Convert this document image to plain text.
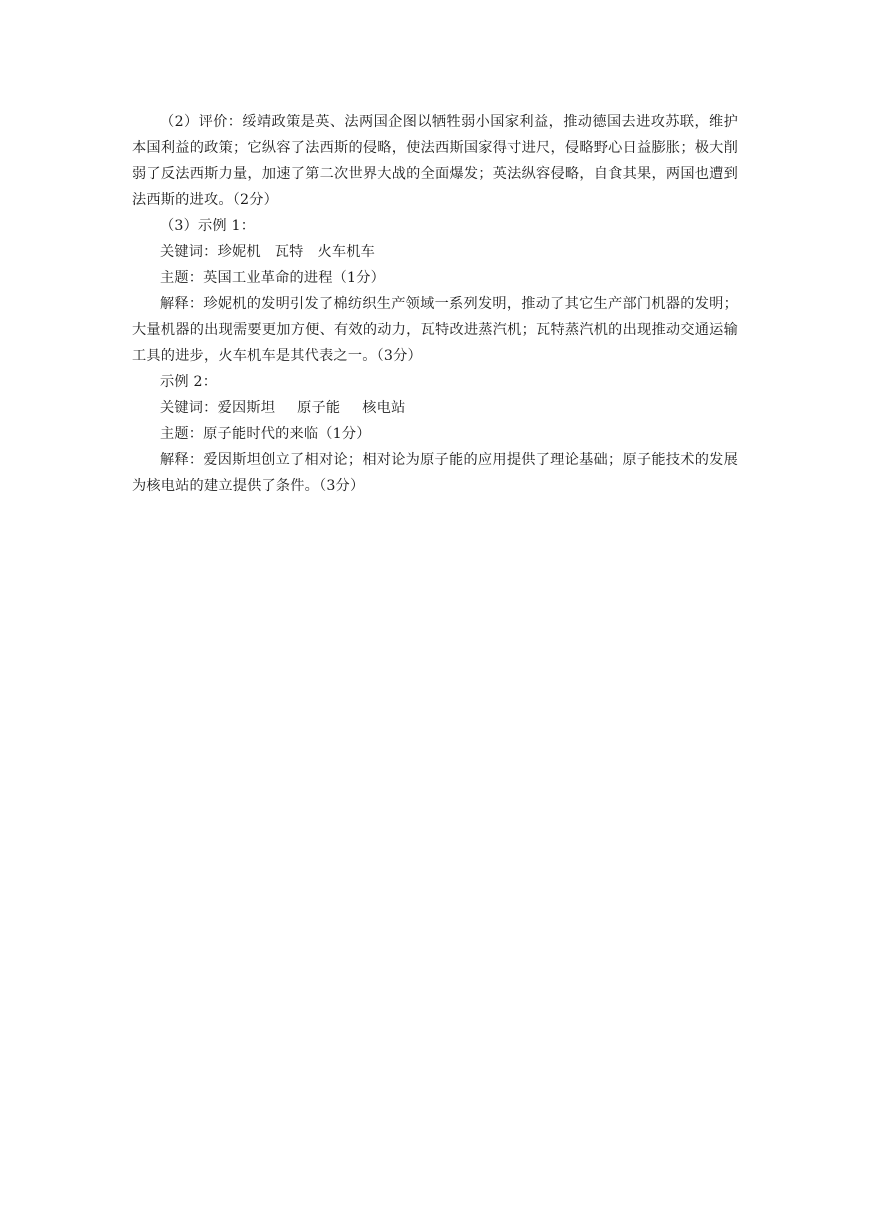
（2）评价：绥靖政策是英、法两国企图以牺牲弱小国家利益，推动德国去进攻苏联，维护本国利益的政策；它纵容了法西斯的侵略，使法西斯国家得寸进尺，侵略野心日益膨胀；极大削弱了反法西斯力量，加速了第二次世界大战的全面爆发；英法纵容侵略，自食其果，两国也遭到法西斯的进攻。（2分）

（3）示例 1：

关键词：珍妮机 瓦特 火车机车

主题：英国工业革命的进程（1分）

解释：珍妮机的发明引发了棉纺织生产领域一系列发明，推动了其它生产部门机器的发明；大量机器的出现需要更加方便、有效的动力，瓦特改进蒸汽机；瓦特蒸汽机的出现推动交通运输工具的进步，火车机车是其代表之一。（3分）

示例 2：

关键词：爱因斯坦 原子能 核电站

主题：原子能时代的来临（1分）

解释：爱因斯坦创立了相对论；相对论为原子能的应用提供了理论基础；原子能技术的发展为核电站的建立提供了条件。（3分）
